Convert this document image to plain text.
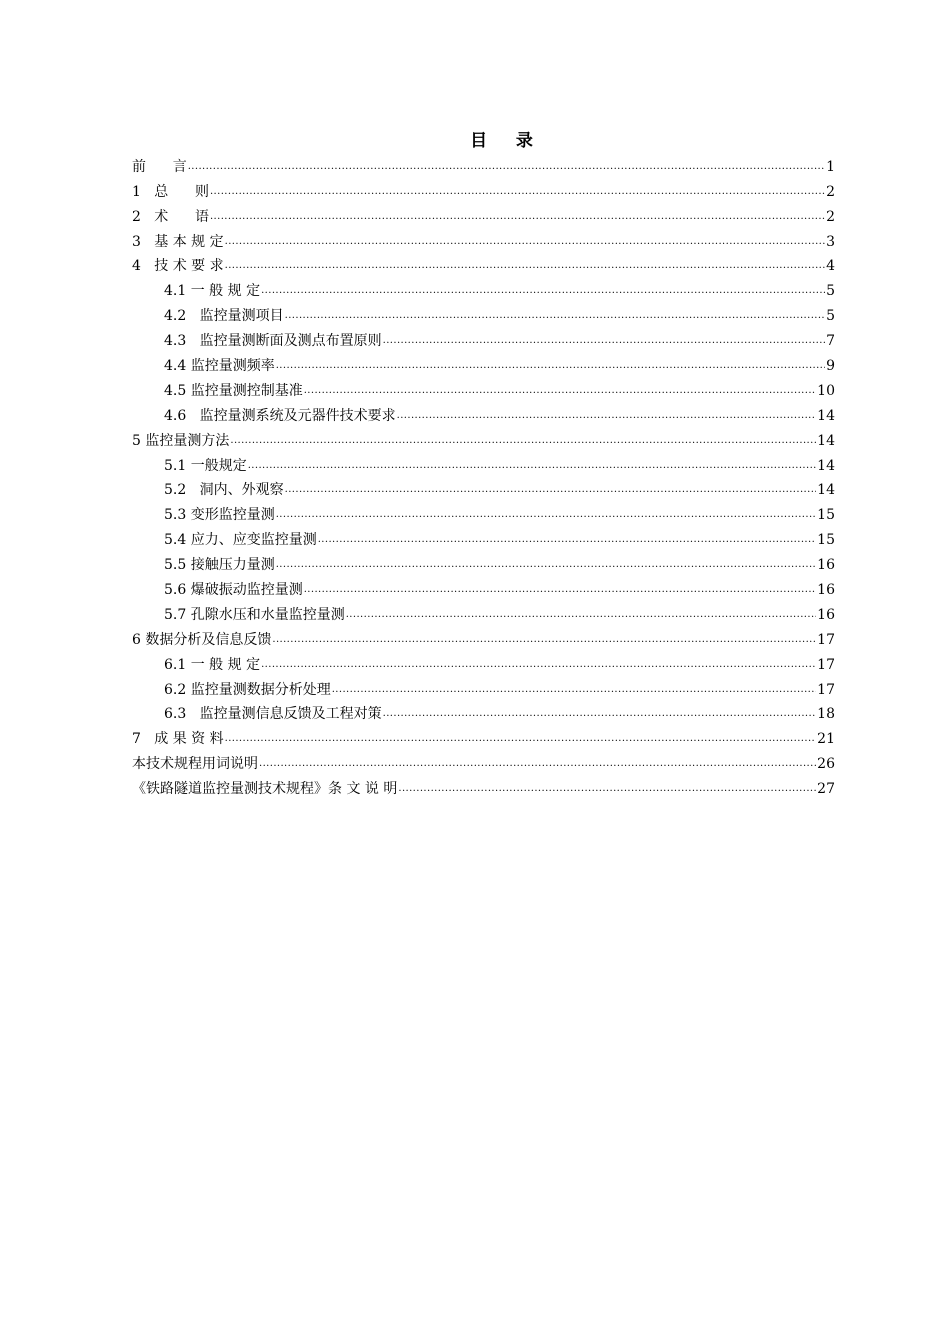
目    录
前      言 .....	1
1   总      则 .....	2
2   术      语 .....	2
3   基 本 规 定 .....	3
4   技 术 要 求 .....	4
4.1 一 般 规 定 .....	5
4.2   监控量测项目 .....	5
4.3   监控量测断面及测点布置原则 .....	7
4.4 监控量测频率 .....	9
4.5 监控量测控制基准 .....	10
4.6   监控量测系统及元器件技术要求 .....	14
5 监控量测方法 .....	14
5.1 一般规定 .....	14
5.2   洞内、外观察 .....	14
5.3 变形监控量测 .....	15
5.4 应力、应变监控量测 .....	15
5.5 接触压力量测 .....	16
5.6 爆破振动监控量测 .....	16
5.7 孔隙水压和水量监控量测 .....	16
6 数据分析及信息反馈 .....	17
6.1 一 般 规 定 .....	17
6.2 监控量测数据分析处理 .....	17
6.3   监控量测信息反馈及工程对策 .....	18
7   成 果 资 料 .....	21
本技术规程用词说明 .....	26
《铁路隧道监控量测技术规程》条 文 说 明 .....	27
